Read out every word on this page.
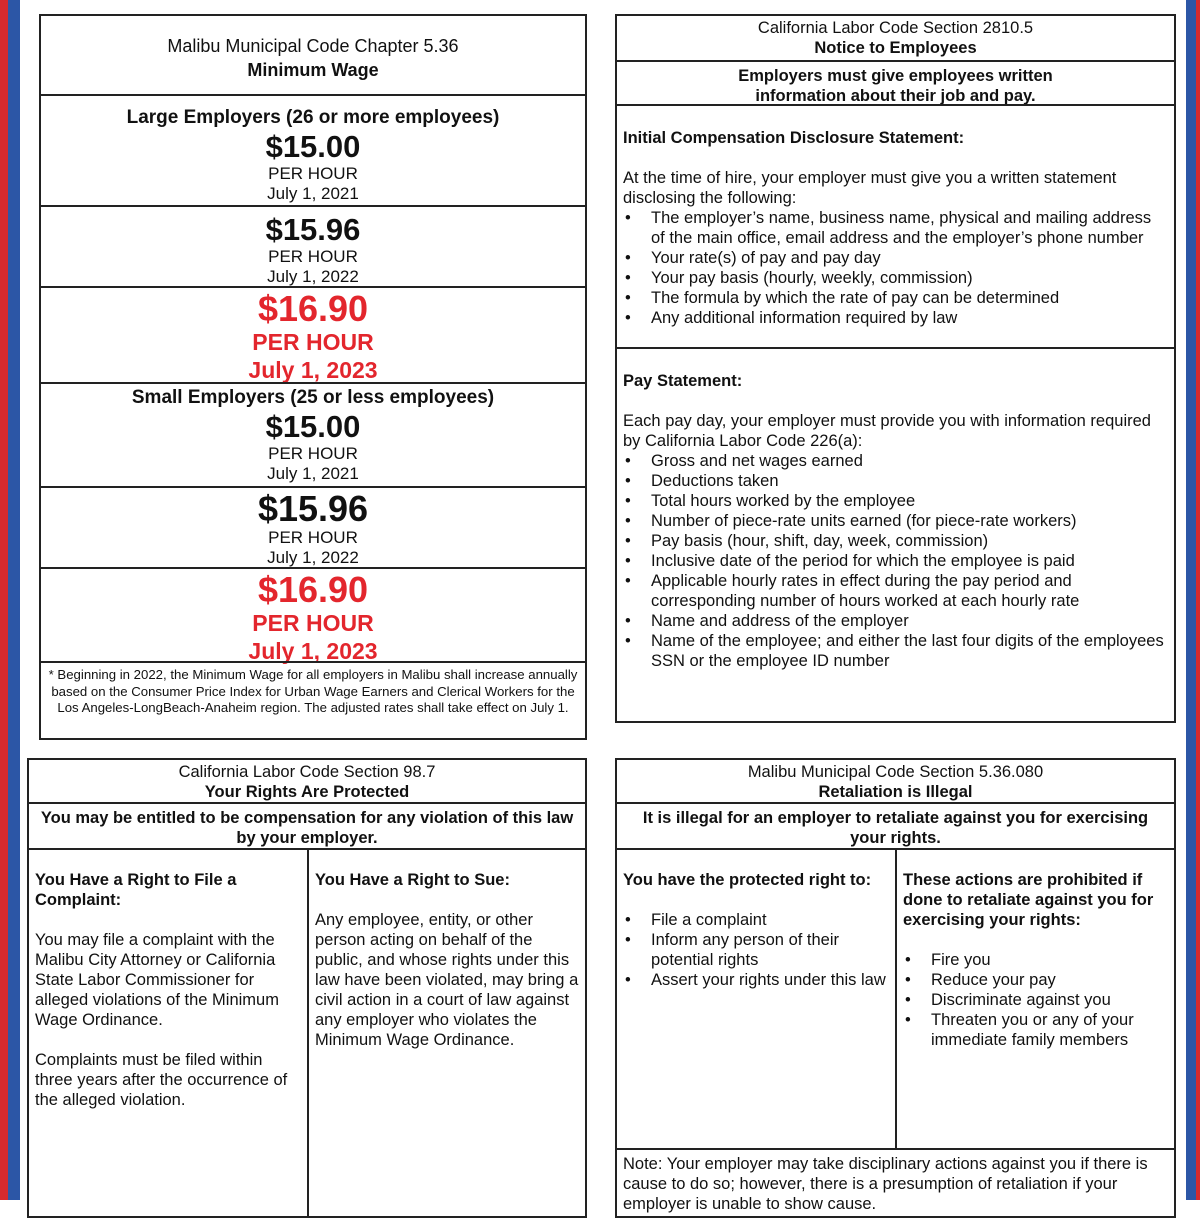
Malibu Municipal Code Chapter 5.36
Minimum Wage
Large Employers (26 or more employees)
$15.00
PER HOUR
July 1, 2021
$15.96
PER HOUR
July 1, 2022
$16.90
PER HOUR
July 1, 2023
Small Employers (25 or less employees)
$15.00
PER HOUR
July 1, 2021
$15.96
PER HOUR
July 1, 2022
$16.90
PER HOUR
July 1, 2023
* Beginning in 2022, the Minimum Wage for all employers in Malibu shall increase annually based on the Consumer Price Index for Urban Wage Earners and Clerical Workers for the Los Angeles-LongBeach-Anaheim region. The adjusted rates shall take effect on July 1.
California Labor Code Section 2810.5
Notice to Employees
Employers must give employees written
information about their job and pay.

Initial Compensation Disclosure Statement:

At the time of hire, your employer must give you a written statement disclosing the following:

• The employer’s name, business name, physical and mailing address of the main office, email address and the employer’s phone number
• Your rate(s) of pay and pay day
• Your pay basis (hourly, weekly, commission)
• The formula by which the rate of pay can be determined
• Any additional information required by law

Pay Statement:

Each pay day, your employer must provide you with information required by California Labor Code 226(a):

• Gross and net wages earned
• Deductions taken
• Total hours worked by the employee
• Number of piece-rate units earned (for piece-rate workers)
• Pay basis (hour, shift, day, week, commission)
• Inclusive date of the period for which the employee is paid
• Applicable hourly rates in effect during the pay period and corresponding number of hours worked at each hourly rate
• Name and address of the employer
• Name of the employee; and either the last four digits of the employees SSN or the employee ID number
California Labor Code Section 98.7
Your Rights Are Protected
You may be entitled to be compensation for any violation of this law
by your employer.
You Have a Right to File a Complaint:
You may file a complaint with the Malibu City Attorney or California State Labor Commissioner for alleged violations of the Minimum Wage Ordinance.
Complaints must be filed within three years after the occurrence of the alleged violation.
You Have a Right to Sue:
Any employee, entity, or other person acting on behalf of the public, and whose rights under this law have been violated, may bring a civil action in a court of law against any employer who violates the Minimum Wage Ordinance.
Malibu Municipal Code Section 5.36.080
Retaliation is Illegal
It is illegal for an employer to retaliate against you for exercising
your rights.
You have the protected right to:
• File a complaint
• Inform any person of their potential rights
• Assert your rights under this law
These actions are prohibited if done to retaliate against you for exercising your rights:
• Fire you
• Reduce your pay
• Discriminate against you
• Threaten you or any of your immediate family members
Note: Your employer may take disciplinary actions against you if there is cause to do so; however, there is a presumption of retaliation if your employer is unable to show cause.
